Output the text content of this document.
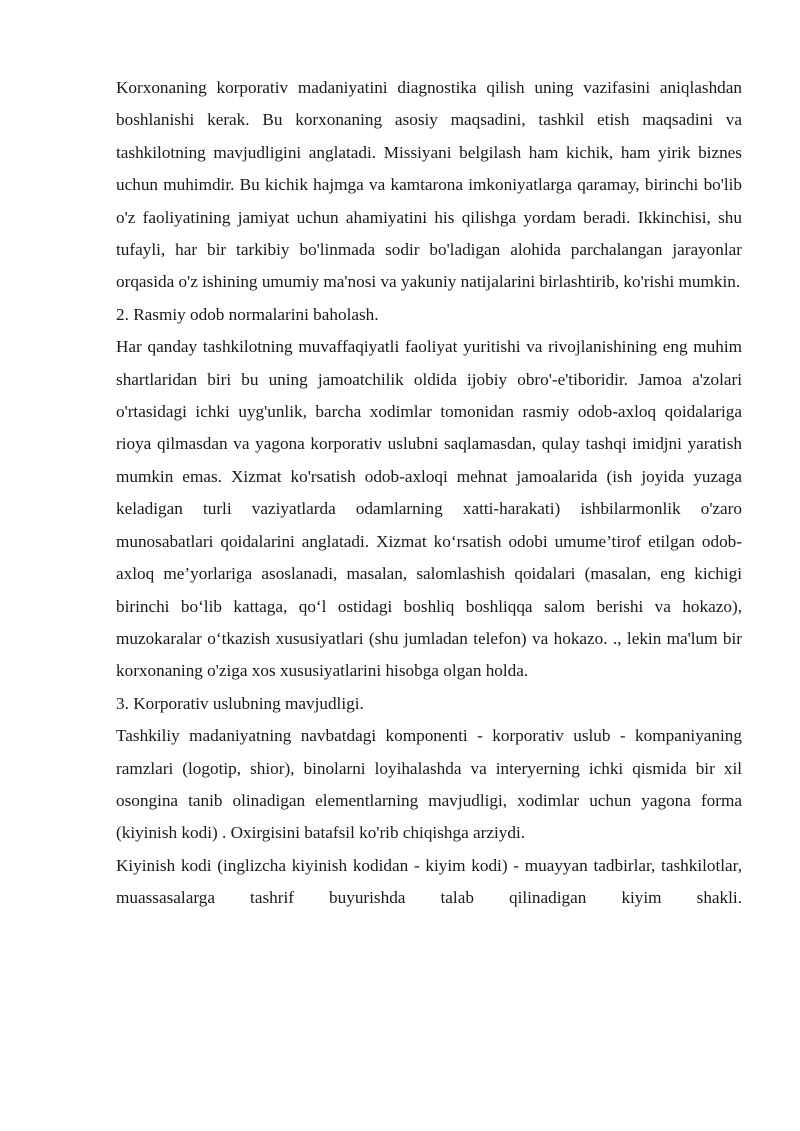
Korxonaning korporativ madaniyatini diagnostika qilish uning vazifasini aniqlashdan boshlanishi kerak. Bu korxonaning asosiy maqsadini, tashkil etish maqsadini va tashkilotning mavjudligini anglatadi. Missiyani belgilash ham kichik, ham yirik biznes uchun muhimdir. Bu kichik hajmga va kamtarona imkoniyatlarga qaramay, birinchi bo'lib o'z faoliyatining jamiyat uchun ahamiyatini his qilishga yordam beradi. Ikkinchisi, shu tufayli, har bir tarkibiy bo'linmada sodir bo'ladigan alohida parchalangan jarayonlar orqasida o'z ishining umumiy ma'nosi va yakuniy natijalarini birlashtirib, ko'rishi mumkin.

2. Rasmiy odob normalarini baholash.

Har qanday tashkilotning muvaffaqiyatli faoliyat yuritishi va rivojlanishining eng muhim shartlaridan biri bu uning jamoatchilik oldida ijobiy obro'-e'tiboridir. Jamoa a'zolari o'rtasidagi ichki uyg'unlik, barcha xodimlar tomonidan rasmiy odob-axloq qoidalariga rioya qilmasdan va yagona korporativ uslubni saqlamasdan, qulay tashqi imidjni yaratish mumkin emas. Xizmat ko'rsatish odob-axloqi mehnat jamoalarida (ish joyida yuzaga keladigan turli vaziyatlarda odamlarning xatti-harakati) ishbilarmonlik o'zaro munosabatlari qoidalarini anglatadi. Xizmat ko‘rsatish odobi umume’tirof etilgan odob-axloq me’yorlariga asoslanadi, masalan, salomlashish qoidalari (masalan, eng kichigi birinchi bo‘lib kattaga, qo‘l ostidagi boshliq boshliqqa salom berishi va hokazo), muzokaralar o‘tkazish xususiyatlari (shu jumladan telefon) va hokazo. ., lekin ma'lum bir korxonaning o'ziga xos xususiyatlarini hisobga olgan holda.

3. Korporativ uslubning mavjudligi.

Tashkiliy madaniyatning navbatdagi komponenti - korporativ uslub - kompaniyaning ramzlari (logotip, shior), binolarni loyihalashda va interyerning ichki qismida bir xil osongina tanib olinadigan elementlarning mavjudligi, xodimlar uchun yagona forma (kiyinish kodi) . Oxirgisini batafsil ko'rib chiqishga arziydi.

Kiyinish kodi (inglizcha kiyinish kodidan - kiyim kodi) - muayyan tadbirlar, tashkilotlar, muassasalarga tashrif buyurishda talab qilinadigan kiyim shakli.
